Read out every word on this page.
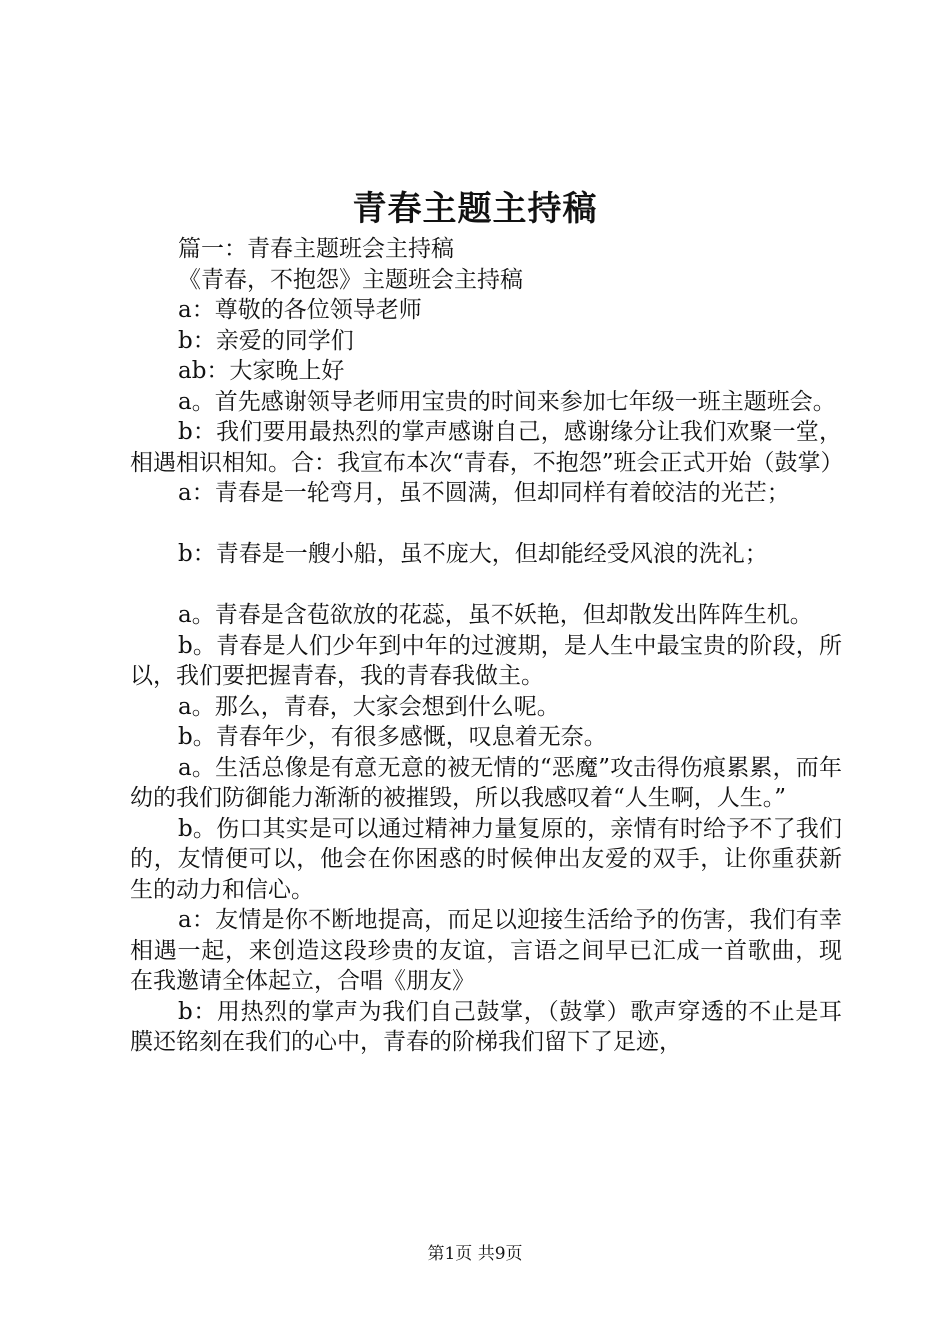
青春主题主持稿

篇一：青春主题班会主持稿

《青春，不抱怨》主题班会主持稿

a：尊敬的各位领导老师

b：亲爱的同学们

ab：大家晚上好

a。首先感谢领导老师用宝贵的时间来参加七年级一班主题班会。

b：我们要用最热烈的掌声感谢自己，感谢缘分让我们欢聚一堂，相遇相识相知。合：我宣布本次“青春，不抱怨”班会正式开始（鼓掌）

a：青春是一轮弯月，虽不圆满，但却同样有着皎洁的光芒；

b：青春是一艘小船，虽不庞大，但却能经受风浪的洗礼；

a。青春是含苞欲放的花蕊，虽不妖艳，但却散发出阵阵生机。

b。青春是人们少年到中年的过渡期，是人生中最宝贵的阶段，所以，我们要把握青春，我的青春我做主。

a。那么，青春，大家会想到什么呢。

b。青春年少，有很多感慨，叹息着无奈。

a。生活总像是有意无意的被无情的“恶魔”攻击得伤痕累累，而年幼的我们防御能力渐渐的被摧毁，所以我感叹着“人生啊，人生。”

b。伤口其实是可以通过精神力量复原的，亲情有时给予不了我们的，友情便可以，他会在你困惑的时候伸出友爱的双手，让你重获新生的动力和信心。

a：友情是你不断地提高，而足以迎接生活给予的伤害，我们有幸相遇一起，来创造这段珍贵的友谊，言语之间早已汇成一首歌曲，现在我邀请全体起立，合唱《朋友》

b：用热烈的掌声为我们自己鼓掌，（鼓掌）歌声穿透的不止是耳膜还铭刻在我们的心中，青春的阶梯我们留下了足迹，

第1页 共9页
